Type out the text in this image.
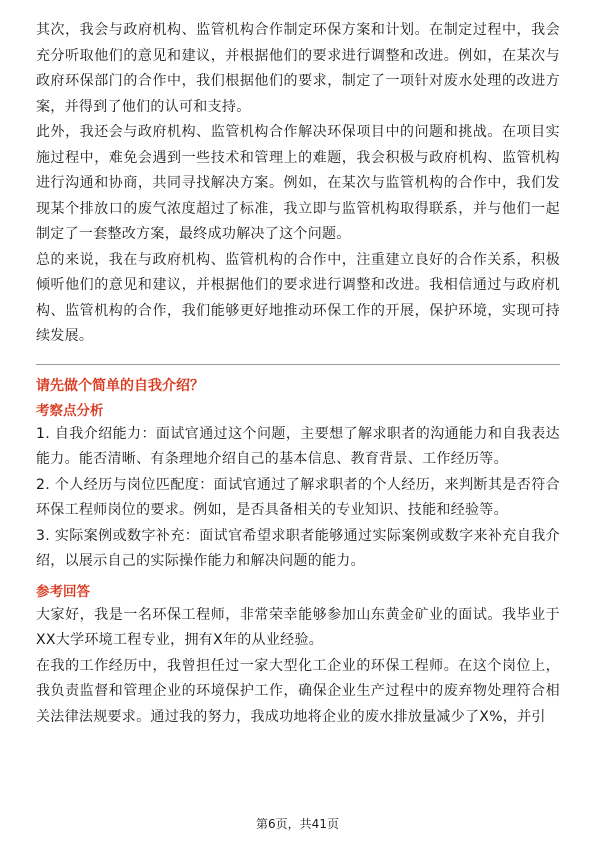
其次，我会与政府机构、监管机构合作制定环保方案和计划。在制定过程中，我会充分听取他们的意见和建议，并根据他们的要求进行调整和改进。例如，在某次与政府环保部门的合作中，我们根据他们的要求，制定了一项针对废水处理的改进方案，并得到了他们的认可和支持。

此外，我还会与政府机构、监管机构合作解决环保项目中的问题和挑战。在项目实施过程中，难免会遇到一些技术和管理上的难题，我会积极与政府机构、监管机构进行沟通和协商，共同寻找解决方案。例如，在某次与监管机构的合作中，我们发现某个排放口的废气浓度超过了标准，我立即与监管机构取得联系，并与他们一起制定了一套整改方案，最终成功解决了这个问题。

总的来说，我在与政府机构、监管机构的合作中，注重建立良好的合作关系，积极倾听他们的意见和建议，并根据他们的要求进行调整和改进。我相信通过与政府机构、监管机构的合作，我们能够更好地推动环保工作的开展，保护环境，实现可持续发展。

请先做个简单的自我介绍？

考察点分析

1. 自我介绍能力：面试官通过这个问题，主要想了解求职者的沟通能力和自我表达能力。能否清晰、有条理地介绍自己的基本信息、教育背景、工作经历等。

2. 个人经历与岗位匹配度：面试官通过了解求职者的个人经历，来判断其是否符合环保工程师岗位的要求。例如，是否具备相关的专业知识、技能和经验等。

3. 实际案例或数字补充：面试官希望求职者能够通过实际案例或数字来补充自我介绍，以展示自己的实际操作能力和解决问题的能力。

参考回答

大家好，我是一名环保工程师，非常荣幸能够参加山东黄金矿业的面试。我毕业于XX大学环境工程专业，拥有X年的从业经验。

在我的工作经历中，我曾担任过一家大型化工企业的环保工程师。在这个岗位上，我负责监督和管理企业的环境保护工作，确保企业生产过程中的废弃物处理符合相关法律法规要求。通过我的努力，我成功地将企业的废水排放量减少了X%，并引

第6页，共41页
